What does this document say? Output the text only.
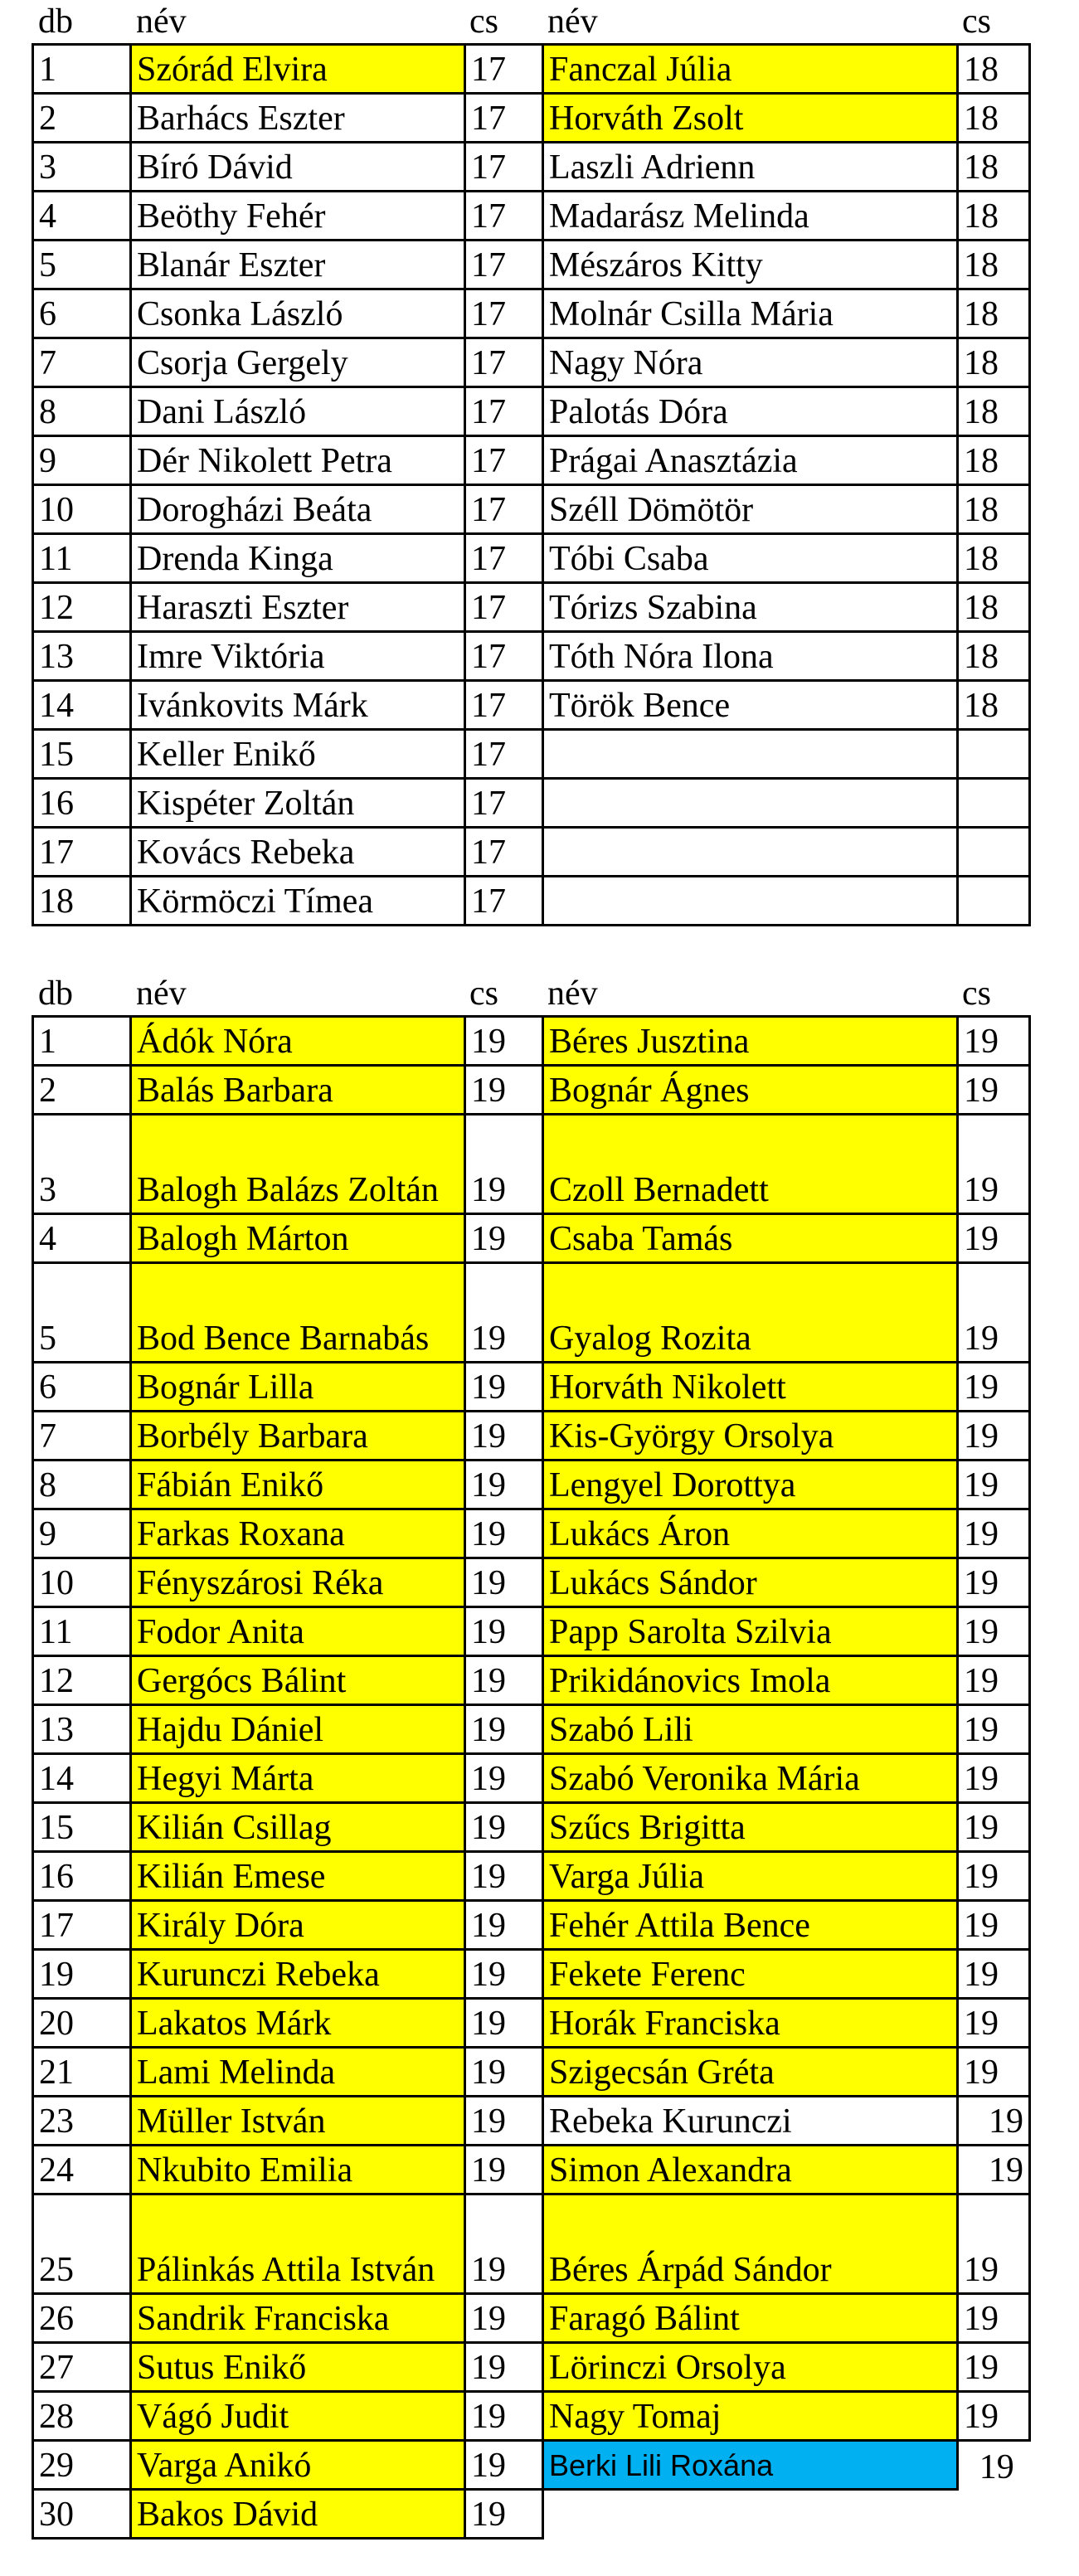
db név	cs név	cs
1	Szórád Elvira	17	Fanczal Júlia	18
2	Barhács Eszter	17	Horváth Zsolt	18
3	Bíró Dávid	17	Laszli Adrienn	18
4	Beöthy Fehér	17	Madarász Melinda	18
5	Blanár Eszter	17	Mészáros Kitty	18
6	Csonka László	17	Molnár Csilla Mária	18
7	Csorja Gergely	17	Nagy Nóra	18
8	Dani László	17	Palotás Dóra	18
9	Dér Nikolett Petra	17	Prágai Anasztázia	18
10	Dorogházi Beáta	17	Széll Dömötör	18
11	Drenda Kinga	17	Tóbi Csaba	18
12	Haraszti Eszter	17	Tórizs Szabina	18
13	Imre Viktória	17	Tóth Nóra Ilona	18
14	Ivánkovits Márk	17	Török Bence	18
15	Keller Enikő	17		
16	Kispéter Zoltán	17		
17	Kovács Rebeka	17		
18	Körmöczi Tímea	17		
db név	cs név	cs
1	Ádók Nóra	19	Béres Jusztina	19
2	Balás Barbara	19	Bognár Ágnes	19
3	Balogh Balázs Zoltán	19	Czoll Bernadett	19
4	Balogh Márton	19	Csaba Tamás	19
5	Bod Bence Barnabás	19	Gyalog Rozita	19
6	Bognár Lilla	19	Horváth Nikolett	19
7	Borbély Barbara	19	Kis-György Orsolya	19
8	Fábián Enikő	19	Lengyel Dorottya	19
9	Farkas Roxana	19	Lukács Áron	19
10	Fényszárosi Réka	19	Lukács Sándor	19
11	Fodor Anita	19	Papp Sarolta Szilvia	19
12	Gergócs Bálint	19	Prikidánovics Imola	19
13	Hajdu Dániel	19	Szabó Lili	19
14	Hegyi Márta	19	Szabó Veronika Mária	19
15	Kilián Csillag	19	Szűcs Brigitta	19
16	Kilián Emese	19	Varga Júlia	19
17	Király Dóra	19	Fehér Attila Bence	19
19	Kurunczi Rebeka	19	Fekete Ferenc	19
20	Lakatos Márk	19	Horák Franciska	19
21	Lami Melinda	19	Szigecsán Gréta	19
23	Müller István	19	Rebeka Kurunczi	19
24	Nkubito Emilia	19	Simon Alexandra	19
25	Pálinkás Attila István	19	Béres Árpád Sándor	19
26	Sandrik Franciska	19	Faragó Bálint	19
27	Sutus Enikő	19	Lörinczi Orsolya	19
28	Vágó Judit	19	Nagy Tomaj	19
29	Varga Anikó	19	Berki Lili Roxána	19
30	Bakos Dávid	19		
